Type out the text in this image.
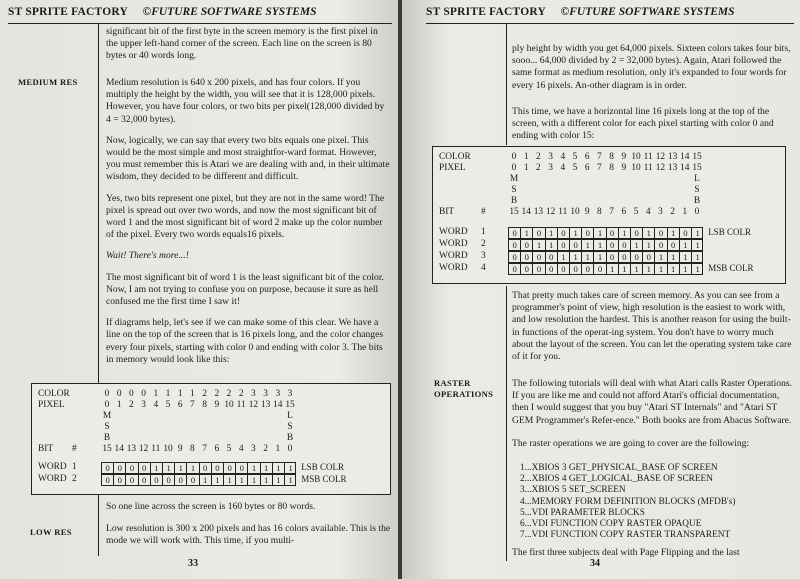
ST SPRITE FACTORY ©FUTURE SOFTWARE SYSTEMS
significant bit of the first byte in the screen memory is the first pixel in the upper left-hand corner of the screen. Each line on the screen is 80 bytes or 40 words long.
MEDIUM RES	Medium resolution is 640 x 200 pixels, and has four colors. If you multiply the height by the width, you will see that it is 128,000 pixels. However, you have four colors, or two bits per pixel(128,000 divided by 4 = 32,000 bytes).

Now, logically, we can say that every two bits equals one pixel. This would be the most simple and most straightfor-ward format. However, you must remember this is Atari we are dealing with and, in their ultimate wisdom, they decided to be different and difficult.

Yes, two bits represent one pixel, but they are not in the same word! The pixel is spread out over two words, and now the most significant bit of word 1 and the most significant bit of word 2 make up the color number of the pixel. Every two words equals16 pixels.

Wait! There's more...!

The most significant bit of word 1 is the least significant bit of the color. Now, I am not trying to confuse you on purpose, because it sure as hell confused me the first time I saw it!

If diagrams help, let's see if we can make some of this clear. We have a line on the top of the screen that is 16 pixels long, and the color changes every four pixels, starting with color 0 and ending with color 3. The bits in memory would look like this:

COLOR	0 0 0 0 1 1 1 1 2 2 2 2 3 3 3 3
PIXEL	0 1 2 3 4 5 6 7 8 9 10 11 12 13 14 15
M
S
B
L
S
B
BIT #	15 14 13 12 11 10 9 8 7 6 5 4 3 2 1 0
WORD 1	0 0 0 0 1 1 1 1 0 0 0 0 1 1 1 1 LSB COLR
WORD 2	0 0 0 0 0 0 0 0 1 1 1 1 1 1 1 1 MSB COLR
So one line across the screen is 160 bytes or 80 words.
LOW RES	Low resolution is 300 x 200 pixels and has 16 colors available. This is the mode we will work with. This time, if you multi-
33
ST SPRITE FACTORY ©FUTURE SOFTWARE SYSTEMS
ply height by width you get 64,000 pixels. Sixteen colors takes four bits, sooo... 64,000 divided by 2 = 32,000 bytes). Again, Atari followed the same format as medium resolution, only it's expanded to four words for every 16 pixels. An-other diagram is in order.
This time, we have a horizontal line 16 pixels long at the top of the screen, with a different color for each pixel starting with color 0 and ending with color 15:
COLOR	0 1 2 3 4 5 6 7 8 9 10 11 12 13 14 15
PIXEL	0 1 2 3 4 5 6 7 8 9 10 11 12 13 14 15
M
S
B
L
S
B
BIT	#	15 14 13 12 11 10 9 8 7 6 5 4 3 2 1 0
WORD 1	0 1 0 1 0 1 0 1 0 1 0 1 0 1 0 1 LSB COLR
WORD 2	0 0 1 1 0 0 1 1 0 0 1 1 0 0 1 1
WORD 3	0 0 0 0 1 1 1 1 0 0 0 0 1 1 1 1
WORD 4	0 0 0 0 0 0 0 0 1 1 1 1 1 1 1 1 MSB COLR
That pretty much takes care of screen memory. As you can see from a programmer's point of view, high resolution is the easiest to work with, and low resolution the hardest. This is another reason for using the built-in functions of the operat-ing system. You don't have to worry much about the layout of the screen. You can let the operating system take care of it for you.
RASTER
OPERATIONS
The following tutorials will deal with what Atari calls Raster Operations. If you are like me and could not afford Atari's official documentation, then I would suggest that you buy "Atari ST Internals" and "Atari ST GEM Programmer's Refer-ence." Both books are from Abacus Software.
The raster operations we are going to cover are the following:
1...XBIOS 3 GET_PHYSICAL_BASE OF SCREEN
2...XBIOS 4 GET_LOGICAL_BASE OF SCREEN
3...XBIOS 5 SET_SCREEN
4...MEMORY FORM DEFINITION BLOCKS (MFDB's)
5...VDI PARAMETER BLOCKS
6...VDI FUNCTION COPY RASTER OPAQUE
7...VDI FUNCTION COPY RASTER TRANSPARENT
The first three subjects deal with Page Flipping and the last
34
